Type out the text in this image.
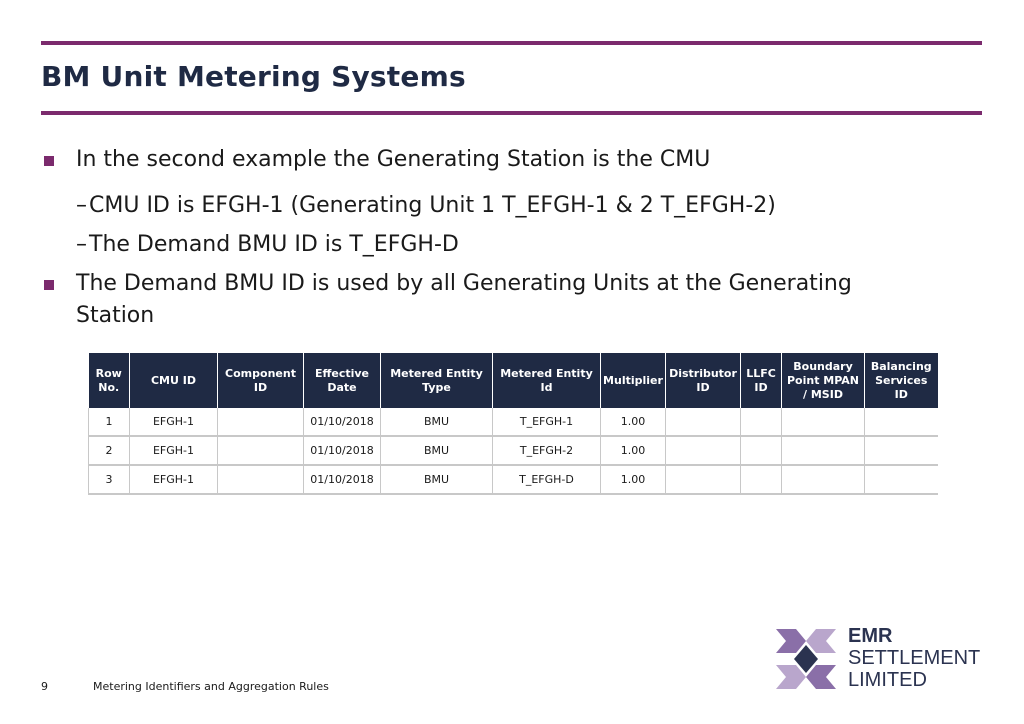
BM Unit Metering Systems
In the second example the Generating Station is the CMU
–CMU ID is EFGH-1 (Generating Unit 1 T_EFGH-1 & 2 T_EFGH-2)
–The Demand BMU ID is T_EFGH-D
The Demand BMU ID is used by all Generating Units at the Generating
Station
Row No.	CMU ID	Component ID	Effective Date	Metered Entity Type	Metered Entity Id	Multiplier	Distributor ID	LLFC ID	Boundary Point MPAN / MSID	Balancing Services ID
1	EFGH-1		01/10/2018	BMU	T_EFGH-1	1.00				
2	EFGH-1		01/10/2018	BMU	T_EFGH-2	1.00				
3	EFGH-1		01/10/2018	BMU	T_EFGH-D	1.00				
9	Metering Identifiers and Aggregation Rules
EMR
SETTLEMENT
LIMITED
